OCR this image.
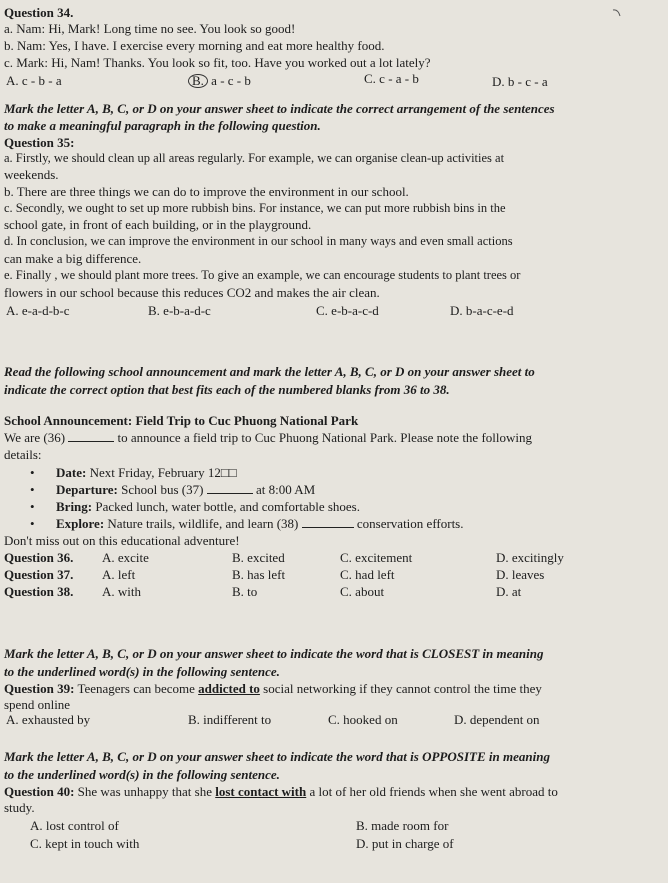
Question 34.
a. Nam: Hi, Mark! Long time no see. You look so good!
b. Nam: Yes, I have. I exercise every morning and eat more healthy food.
c. Mark: Hi, Nam! Thanks. You look so fit, too. Have you worked out a lot lately?
A. c - b - a	B. a - c - b	C. c - a - b	D. b - c - a
Mark the letter A, B, C, or D on your answer sheet to indicate the correct arrangement of the sentences
to make a meaningful paragraph in the following question.
Question 35:
a. Firstly, we should clean up all areas regularly. For example, we can organise clean-up activities at
weekends.
b. There are three things we can do to improve the environment in our school.
c. Secondly, we ought to set up more rubbish bins. For instance, we can put more rubbish bins in the
school gate, in front of each building, or in the playground.
d. In conclusion, we can improve the environment in our school in many ways and even small actions
can make a big difference.
e. Finally , we should plant more trees. To give an example, we can encourage students to plant trees or
flowers in our school because this reduces CO2 and makes the air clean.
A. e-a-d-b-c	B. e-b-a-d-c	C. e-b-a-c-d	D. b-a-c-e-d
Read the following school announcement and mark the letter A, B, C, or D on your answer sheet to
indicate the correct option that best fits each of the numbered blanks from 36 to 38.
School Announcement: Field Trip to Cuc Phuong National Park
We are (36)	to announce a field trip to Cuc Phuong National Park. Please note the following
details:
• Date: Next Friday, February 12□□
• Departure: School bus (37)	at 8:00 AM
• Bring: Packed lunch, water bottle, and comfortable shoes.
• Explore: Nature trails, wildlife, and learn (38)	conservation efforts.
Don't miss out on this educational adventure!
Question 36. A. excite	B. excited	C. excitement	D. excitingly
Question 37. A. left	B. has left	C. had left	D. leaves
Question 38. A. with	B. to	C. about	D. at
Mark the letter A, B, C, or D on your answer sheet to indicate the word that is CLOSEST in meaning
to the underlined word(s) in the following sentence.
Question 39: Teenagers can become addicted to social networking if they cannot control the time they
spend online
A. exhausted by	B. indifferent to	C. hooked on	D. dependent on
Mark the letter A, B, C, or D on your answer sheet to indicate the word that is OPPOSITE in meaning
to the underlined word(s) in the following sentence.
Question 40: She was unhappy that she lost contact with a lot of her old friends when she went abroad to
study.
A. lost control of	B. made room for
C. kept in touch with	D. put in charge of
